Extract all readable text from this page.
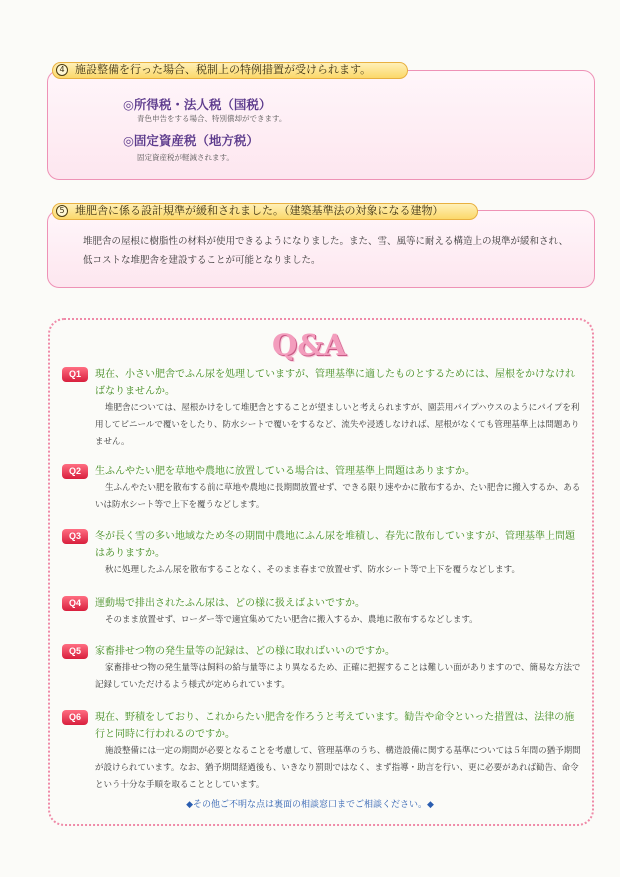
4 施設整備を行った場合、税制上の特例措置が受けられます。
◎所得税・法人税（国税）
青色申告をする場合、特別償却ができます。
◎固定資産税（地方税）
固定資産税が軽減されます。
5 堆肥舎に係る設計規準が緩和されました。（建築基準法の対象になる建物）
堆肥舎の屋根に樹脂性の材料が使用できるようになりました。また、雪、風等に耐える構造上の規準が緩和され、低コストな堆肥舎を建設することが可能となりました。
Q&A
Q1	現在、小さい肥舎でふん尿を処理していますが、管理基準に適したものとするためには、屋根をかけなければなりませんか。
堆肥舎については、屋根かけをして堆肥舎とすることが望ましいと考えられますが、園芸用パイプハウスのようにパイプを利用してビニールで覆いをしたり、防水シートで覆いをするなど、流失や浸透しなければ、屋根がなくても管理基準上は問題ありません。
Q2	生ふんやたい肥を草地や農地に放置している場合は、管理基準上問題はありますか。
生ふんやたい肥を散布する前に草地や農地に長期間放置せず、できる限り速やかに散布するか、たい肥舎に搬入するか、あるいは防水シート等で上下を覆うなどします。
Q3	冬が長く雪の多い地域なため冬の期間中農地にふん尿を堆積し、春先に散布していますが、管理基準上問題はありますか。
秋に処理したふん尿を散布することなく、そのまま春まで放置せず、防水シート等で上下を覆うなどします。
Q4	運動場で排出されたふん尿は、どの様に扱えばよいですか。
そのまま放置せず、ローダー等で適宜集めてたい肥舎に搬入するか、農地に散布するなどします。
Q5	家畜排せつ物の発生量等の記録は、どの様に取ればいいのですか。
家畜排せつ物の発生量等は飼料の給与量等により異なるため、正確に把握することは難しい面がありますので、簡易な方法で記録していただけるよう様式が定められています。
Q6	現在、野積をしており、これからたい肥舎を作ろうと考えています。勧告や命令といった措置は、法律の施行と同時に行われるのですか。
施設整備には一定の期間が必要となることを考慮して、管理基準のうち、構造設備に関する基準については５年間の猶予期間が設けられています。なお、猶予期間経過後も、いきなり罰則ではなく、まず指導・助言を行い、更に必要があれば勧告、命令という十分な手順を取ることとしています。
◆その他ご不明な点は裏面の相談窓口までご相談ください。◆
